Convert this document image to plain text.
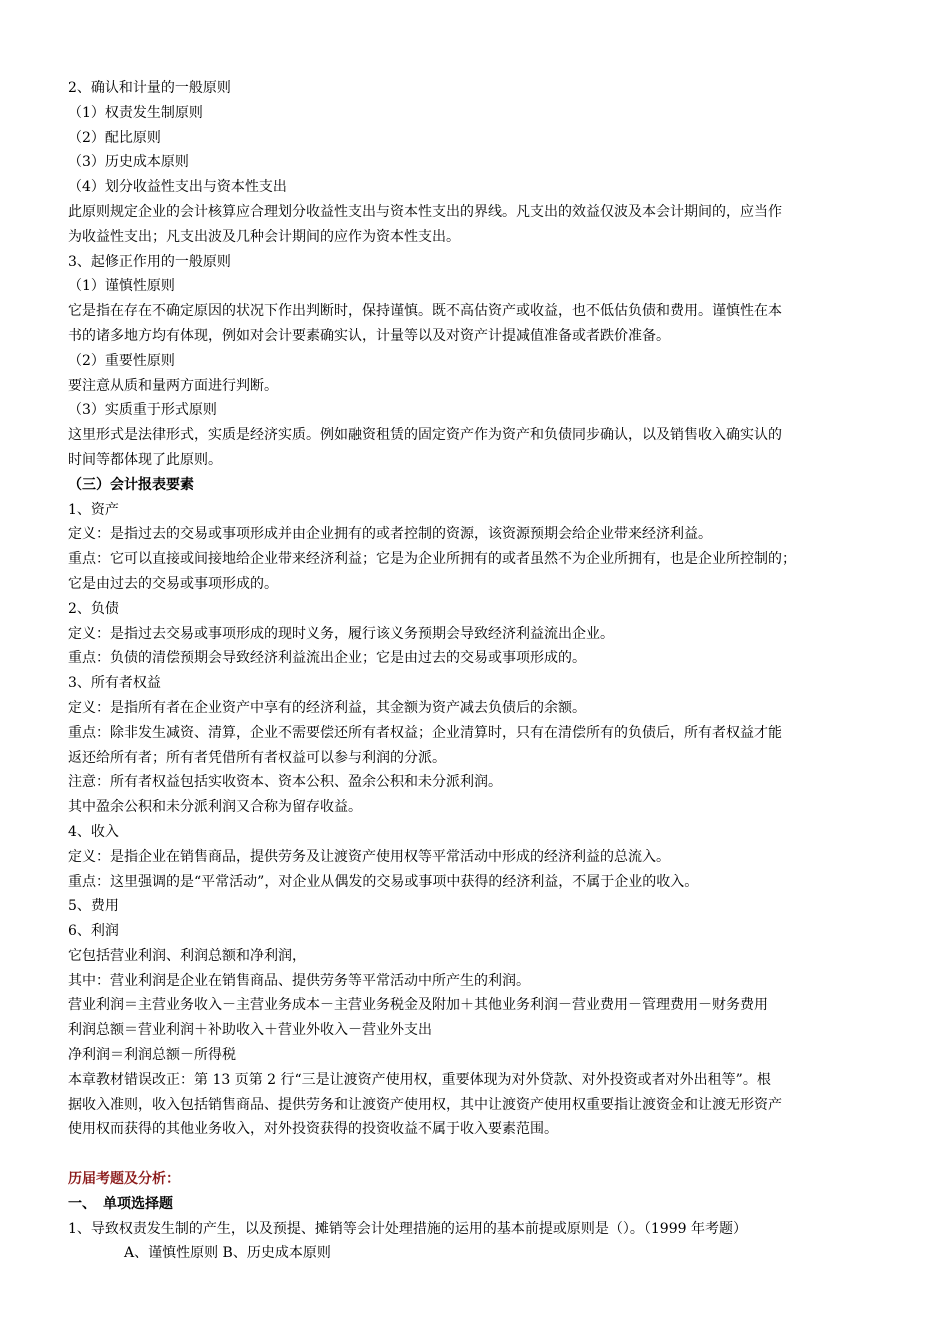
2、确认和计量的一般原则

（1）权责发生制原则

（2）配比原则

（3）历史成本原则

（4）划分收益性支出与资本性支出

此原则规定企业的会计核算应合理划分收益性支出与资本性支出的界线。凡支出的效益仅波及本会计期间的，应当作

为收益性支出；凡支出波及几种会计期间的应作为资本性支出。

3、起修正作用的一般原则

（1）谨慎性原则

它是指在存在不确定原因的状况下作出判断时，保持谨慎。既不高估资产或收益，也不低估负债和费用。谨慎性在本

书的诸多地方均有体现，例如对会计要素确实认，计量等以及对资产计提减值准备或者跌价准备。

（2）重要性原则

要注意从质和量两方面进行判断。

（3）实质重于形式原则

这里形式是法律形式，实质是经济实质。例如融资租赁的固定资产作为资产和负债同步确认，以及销售收入确实认的

时间等都体现了此原则。

（三）会计报表要素

1、资产

定义：是指过去的交易或事项形成并由企业拥有的或者控制的资源，该资源预期会给企业带来经济利益。

重点：它可以直接或间接地给企业带来经济利益；它是为企业所拥有的或者虽然不为企业所拥有，也是企业所控制的；

它是由过去的交易或事项形成的。

2、负债

定义：是指过去交易或事项形成的现时义务，履行该义务预期会导致经济利益流出企业。

重点：负债的清偿预期会导致经济利益流出企业；它是由过去的交易或事项形成的。

3、所有者权益

定义：是指所有者在企业资产中享有的经济利益，其金额为资产减去负债后的余额。

重点：除非发生减资、清算，企业不需要偿还所有者权益；企业清算时，只有在清偿所有的负债后，所有者权益才能

返还给所有者；所有者凭借所有者权益可以参与利润的分派。

注意：所有者权益包括实收资本、资本公积、盈余公积和未分派利润。

其中盈余公积和未分派利润又合称为留存收益。

4、收入

定义：是指企业在销售商品，提供劳务及让渡资产使用权等平常活动中形成的经济利益的总流入。

重点：这里强调的是“平常活动”，对企业从偶发的交易或事项中获得的经济利益，不属于企业的收入。

5、费用

6、利润

它包括营业利润、利润总额和净利润，

其中：营业利润是企业在销售商品、提供劳务等平常活动中所产生的利润。

营业利润＝主营业务收入－主营业务成本－主营业务税金及附加＋其他业务利润－营业费用－管理费用－财务费用

利润总额＝营业利润＋补助收入＋营业外收入－营业外支出

净利润＝利润总额－所得税

本章教材错误改正：第 13 页第 2 行“三是让渡资产使用权，重要体现为对外贷款、对外投资或者对外出租等”。根

据收入准则，收入包括销售商品、提供劳务和让渡资产使用权，其中让渡资产使用权重要指让渡资金和让渡无形资产

使用权而获得的其他业务收入，对外投资获得的投资收益不属于收入要素范围。

历届考题及分析：

一、　单项选择题

1、导致权责发生制的产生，以及预提、摊销等会计处理措施的运用的基本前提或原则是（）。（1999 年考题）

A、谨慎性原则 B、历史成本原则
